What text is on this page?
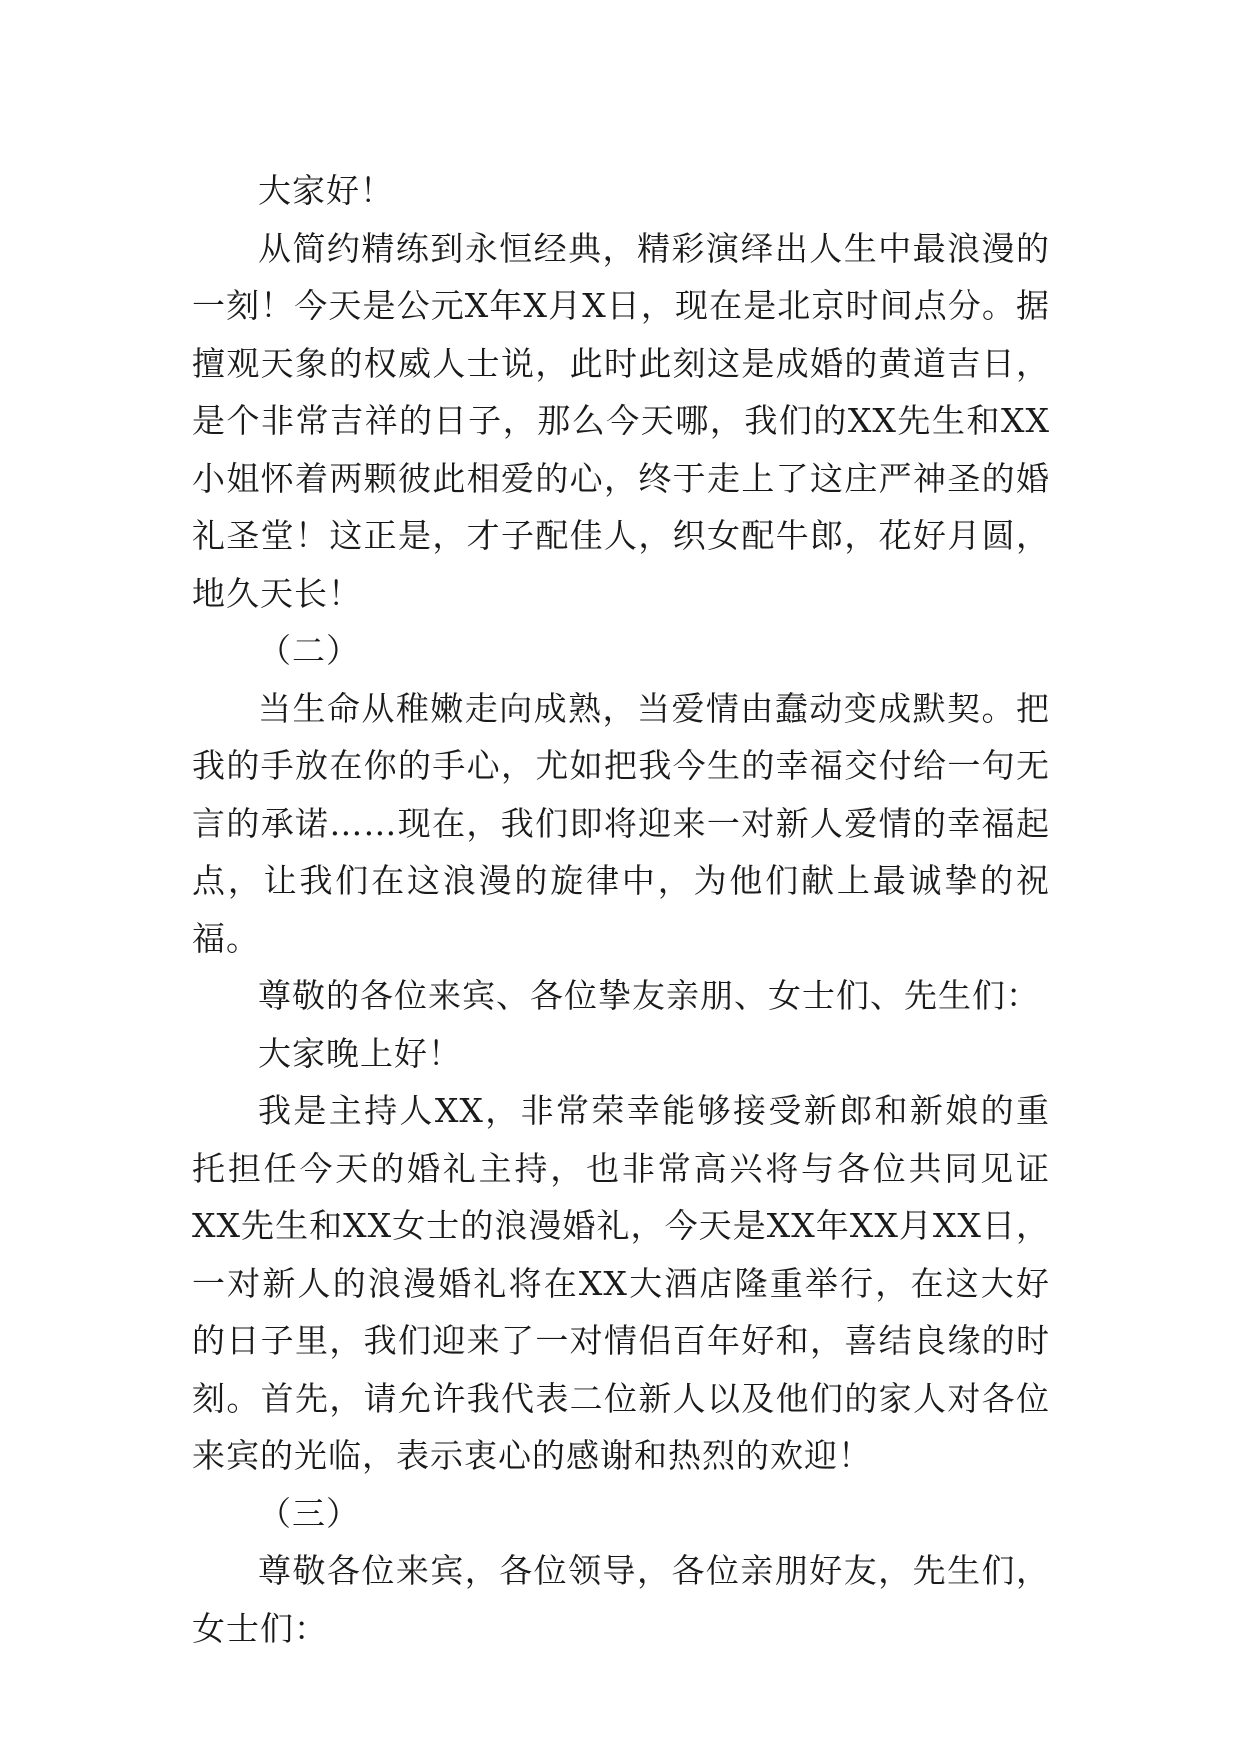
大家好！

从简约精练到永恒经典，精彩演绎出人生中最浪漫的一刻！今天是公元X年X月X日，现在是北京时间点分。据擅观天象的权威人士说，此时此刻这是成婚的黄道吉日，是个非常吉祥的日子，那么今天哪，我们的XX先生和XX小姐怀着两颗彼此相爱的心，终于走上了这庄严神圣的婚礼圣堂！这正是，才子配佳人，织女配牛郎，花好月圆，地久天长！

（二）

当生命从稚嫩走向成熟，当爱情由蠢动变成默契。把我的手放在你的手心，尤如把我今生的幸福交付给一句无言的承诺……现在，我们即将迎来一对新人爱情的幸福起点，让我们在这浪漫的旋律中，为他们献上最诚挚的祝福。

尊敬的各位来宾、各位挚友亲朋、女士们、先生们：

大家晚上好！

我是主持人XX，非常荣幸能够接受新郎和新娘的重托担任今天的婚礼主持，也非常高兴将与各位共同见证XX先生和XX女士的浪漫婚礼，今天是XX年XX月XX日，一对新人的浪漫婚礼将在XX大酒店隆重举行，在这大好的日子里，我们迎来了一对情侣百年好和，喜结良缘的时刻。首先，请允许我代表二位新人以及他们的家人对各位来宾的光临，表示衷心的感谢和热烈的欢迎！

（三）

尊敬各位来宾，各位领导，各位亲朋好友，先生们，女士们：
